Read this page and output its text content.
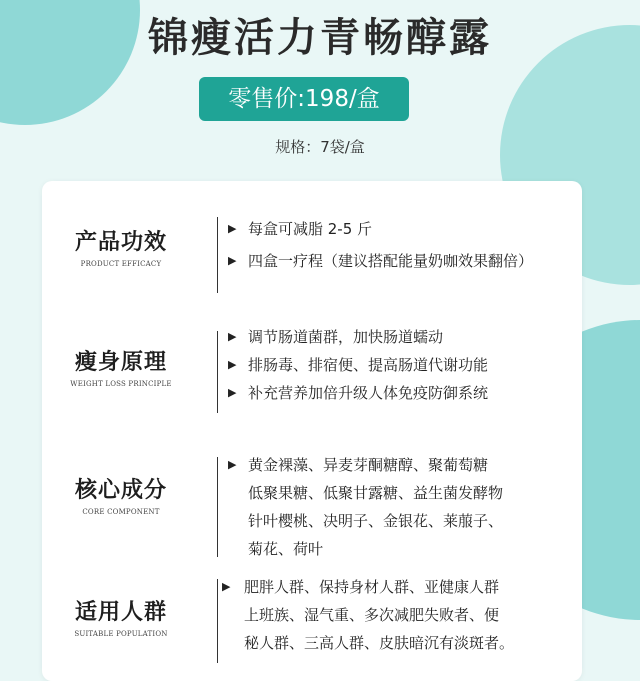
锦瘦活力青畅醇露
零售价:198/盒
规格：7袋/盒
产品功效
PRODUCT EFFICACY
▶ 每盒可减脂 2-5 斤
▶ 四盒一疗程（建议搭配能量奶咖效果翻倍）
瘦身原理
WEIGHT LOSS PRINCIPLE
▶ 调节肠道菌群，加快肠道蠕动
▶ 排肠毒、排宿便、提高肠道代谢功能
▶ 补充营养加倍升级人体免疫防御系统
核心成分
CORE COMPONENT
▶ 黄金裸藻、异麦芽酮糖醇、聚葡萄糖
低聚果糖、低聚甘露糖、益生菌发酵物
针叶樱桃、决明子、金银花、莱菔子、
菊花、荷叶
适用人群
SUITABLE POPULATION
▶ 肥胖人群、保持身材人群、亚健康人群
上班族、湿气重、多次减肥失败者、便
秘人群、三高人群、皮肤暗沉有淡斑者。
